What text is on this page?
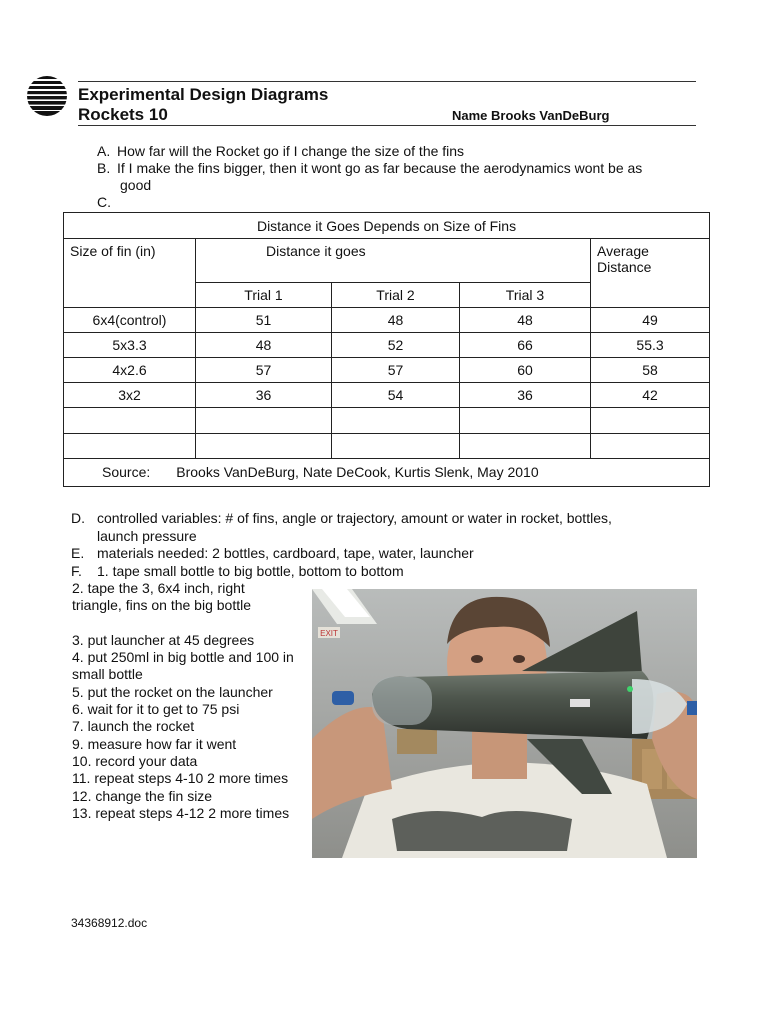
Experimental Design Diagrams
Rockets 10	Name Brooks VanDeBurg
A. How far will the Rocket go if I change the size of the fins
B. If I make the fins bigger, then it wont go as far because the aerodynamics wont be as
good
C.
Distance it Goes Depends on Size of Fins				
Size of fin (in)	Distance it goes			Average Distance
	Trial 1	Trial 2	Trial 3	
6x4(control)	51	48	48	49
5x3.3	48	52	66	55.3
4x2.6	57	57	60	58
3x2	36	54	36	42

Source: Brooks VanDeBurg, Nate DeCook, Kurtis Slenk, May 2010				
D. controlled variables: # of fins, angle or trajectory, amount or water in rocket, bottles,
launch pressure
E. materials needed: 2 bottles, cardboard, tape, water, launcher
F. 1. tape small bottle to big bottle, bottom to bottom
2. tape the 3, 6x4 inch, right
triangle, fins on the big bottle

3. put launcher at 45 degrees
4. put 250ml in big bottle and 100 in
small bottle
5. put the rocket on the launcher
6. wait for it to get to 75 psi
7. launch the rocket
9. measure how far it went
10. record your data
11. repeat steps 4-10 2 more times
12. change the fin size
13. repeat steps 4-12 2 more times
EXIT
34368912.doc
